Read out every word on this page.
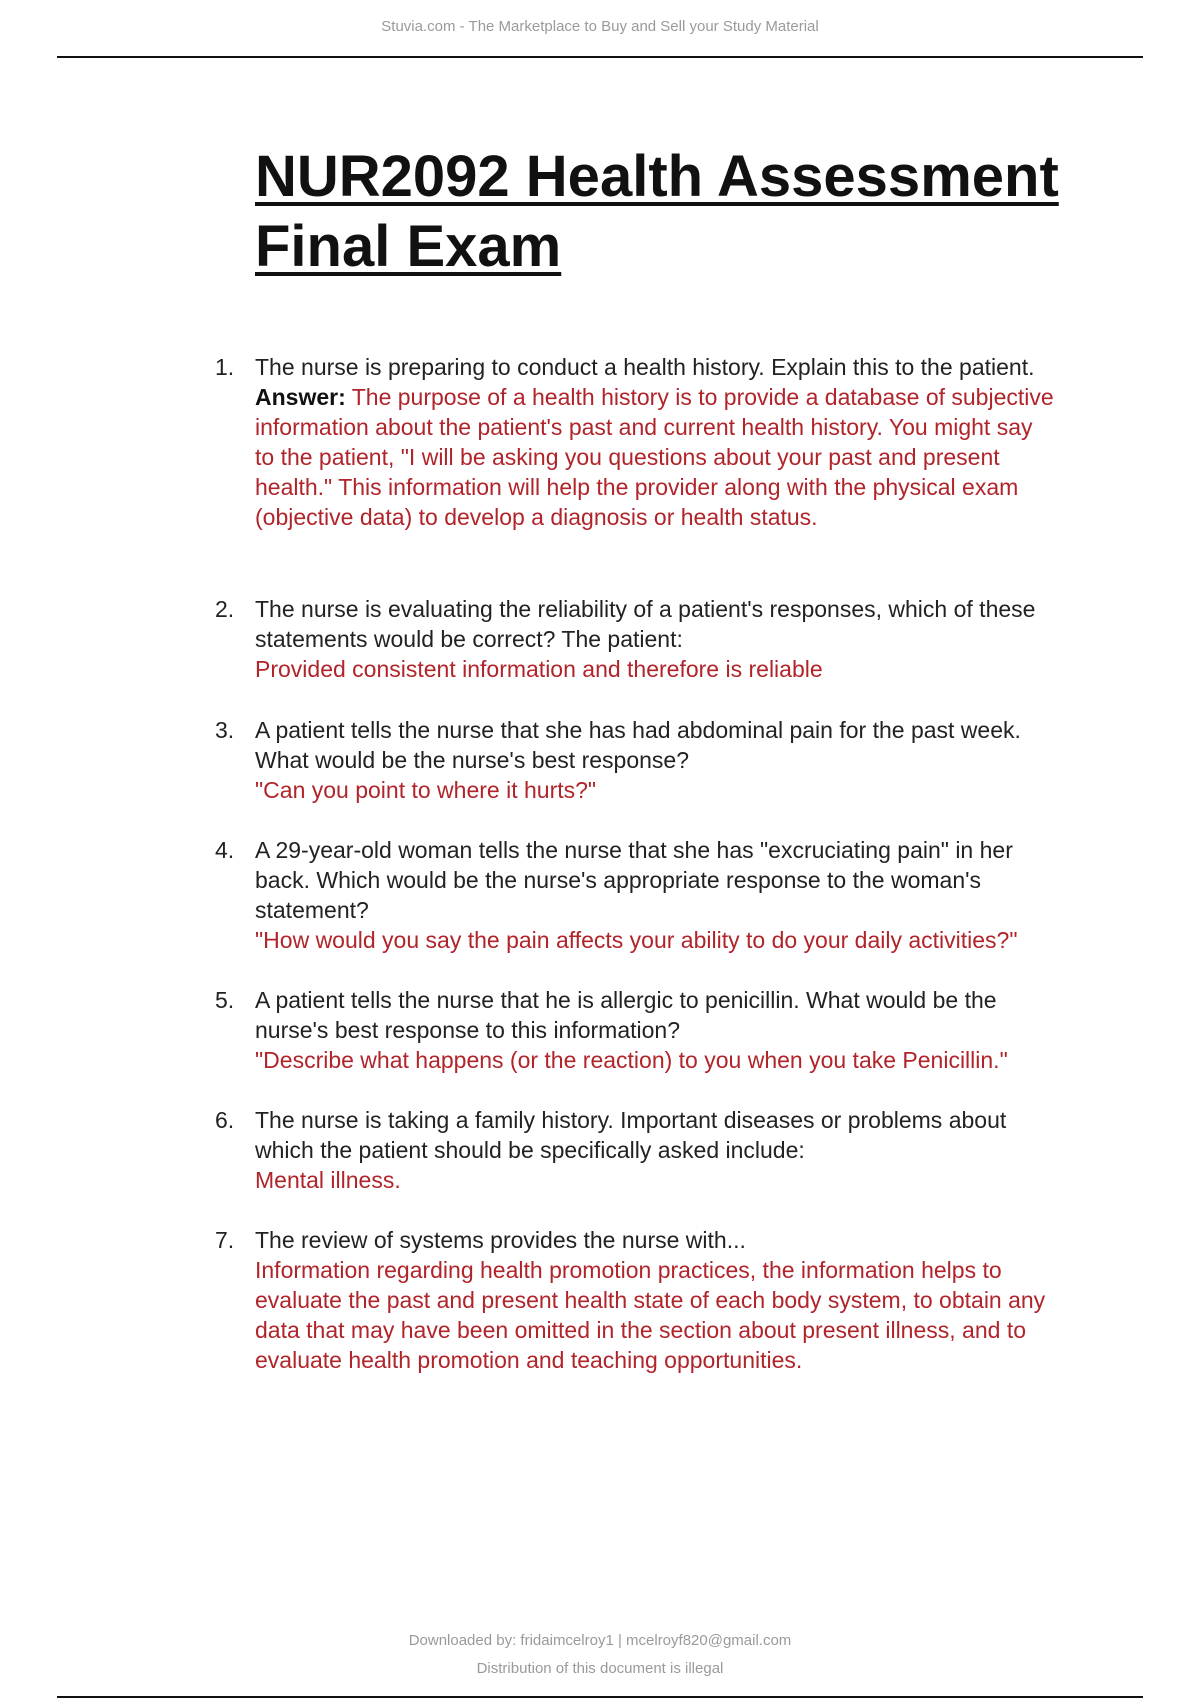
Stuvia.com - The Marketplace to Buy and Sell your Study Material
NUR2092 Health Assessment Final Exam
1. The nurse is preparing to conduct a health history. Explain this to the patient.
Answer: The purpose of a health history is to provide a database of subjective information about the patient's past and current health history. You might say to the patient, "I will be asking you questions about your past and present health." This information will help the provider along with the physical exam (objective data) to develop a diagnosis or health status.
2. The nurse is evaluating the reliability of a patient's responses, which of these statements would be correct? The patient:
Provided consistent information and therefore is reliable
3. A patient tells the nurse that she has had abdominal pain for the past week. What would be the nurse's best response?
"Can you point to where it hurts?"
4. A 29-year-old woman tells the nurse that she has "excruciating pain" in her back. Which would be the nurse's appropriate response to the woman's statement?
"How would you say the pain affects your ability to do your daily activities?"
5. A patient tells the nurse that he is allergic to penicillin. What would be the nurse's best response to this information?
"Describe what happens (or the reaction) to you when you take Penicillin."
6. The nurse is taking a family history. Important diseases or problems about which the patient should be specifically asked include:
Mental illness.
7. The review of systems provides the nurse with...
Information regarding health promotion practices, the information helps to evaluate the past and present health state of each body system, to obtain any data that may have been omitted in the section about present illness, and to evaluate health promotion and teaching opportunities.
Downloaded by: fridaimcelroy1 | mcelroyf820@gmail.com
Distribution of this document is illegal
